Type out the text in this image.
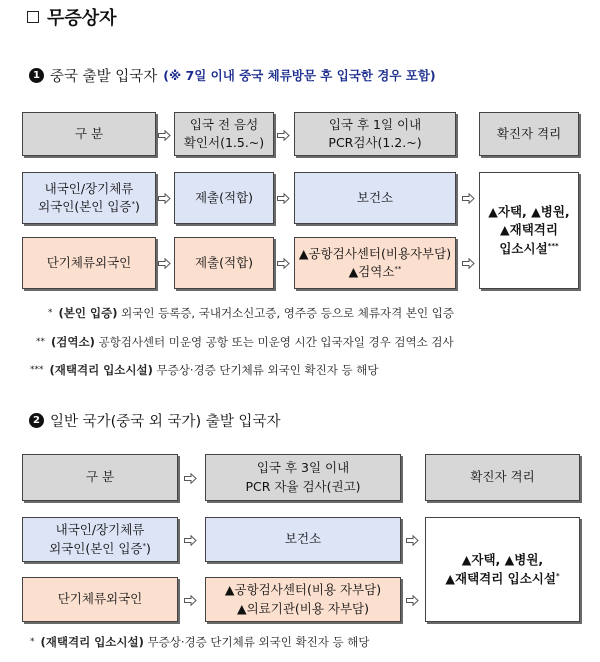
무증상자
1 중국 출발 입국자 (※ 7일 이내 중국 체류방문 후 입국한 경우 포함)
구 분
입국 전 음성
확인서(1.5.~)
입국 후 1일 이내
PCR검사(1.2.~)
확진자 격리
내국인/장기체류
외국인(본인 입증*)
제출(적합)	보건소
단기체류외국인	제출(적합)
▲공항검사센터(비용자부담)
▲검역소**
▲자택, ▲병원,
▲재택격리
입소시설***
* (본인 입증) 외국인 등록증, 국내거소신고증, 영주증 등으로 체류자격 본인 입증
** (검역소) 공항검사센터 미운영 공항 또는 미운영 시간 입국자일 경우 검역소 검사
*** (재택격리 입소시설) 무증상·경증 단기체류 외국인 확진자 등 해당
2 일반 국가(중국 외 국가) 출발 입국자
구 분
입국 후 3일 이내
PCR 자율 검사(권고)
확진자 격리
내국인/장기체류
외국인(본인 입증*)
보건소
단기체류외국인
▲공항검사센터(비용 자부담)
▲의료기관(비용 자부담)
▲자택, ▲병원,
▲재택격리 입소시설*
* (재택격리 입소시설) 무증상·경증 단기체류 외국인 확진자 등 해당
